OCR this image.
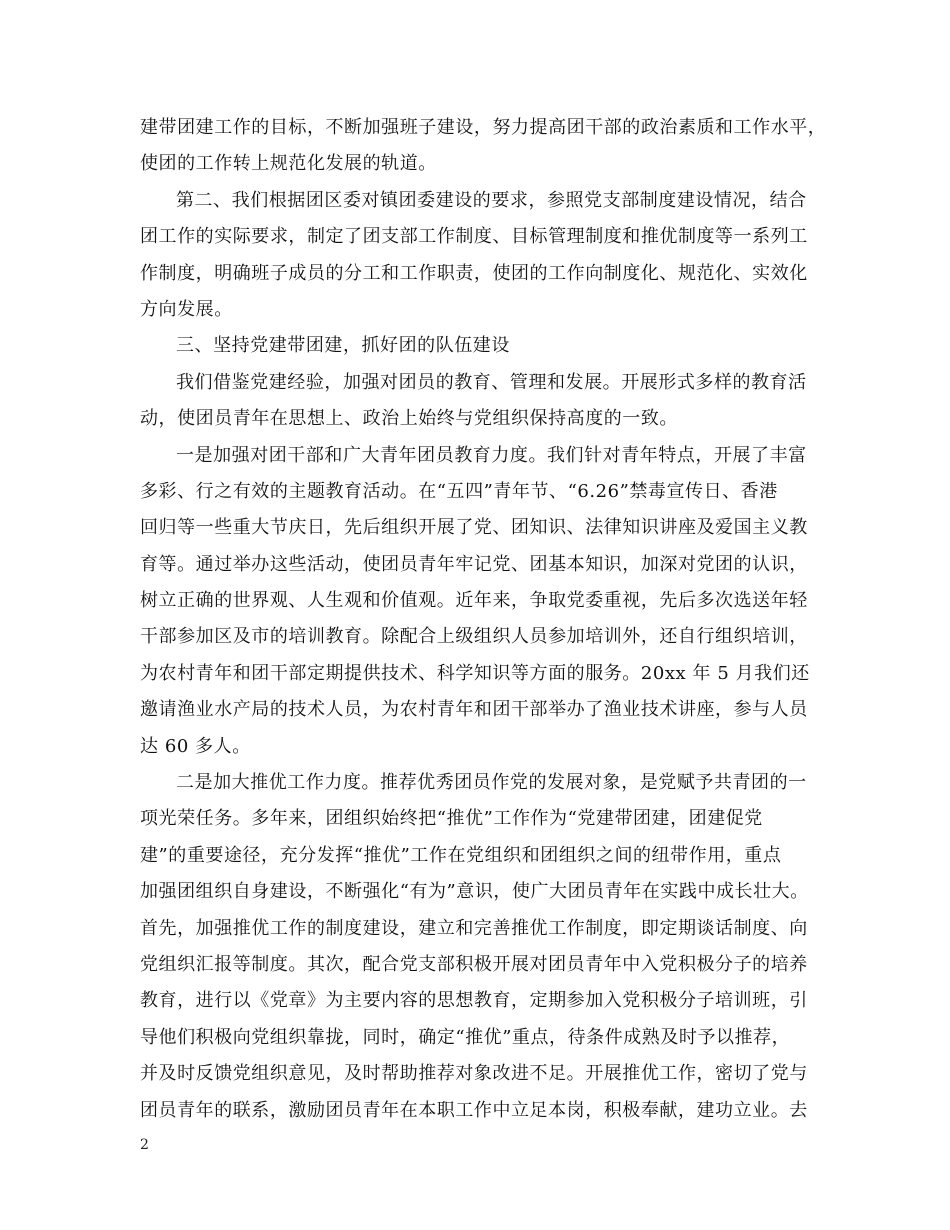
建带团建工作的目标，不断加强班子建设，努力提高团干部的政治素质和工作水平，
使团的工作转上规范化发展的轨道。
第二、我们根据团区委对镇团委建设的要求，参照党支部制度建设情况，结合
团工作的实际要求，制定了团支部工作制度、目标管理制度和推优制度等一系列工
作制度，明确班子成员的分工和工作职责，使团的工作向制度化、规范化、实效化
方向发展。
三、坚持党建带团建，抓好团的队伍建设
我们借鉴党建经验，加强对团员的教育、管理和发展。开展形式多样的教育活
动，使团员青年在思想上、政治上始终与党组织保持高度的一致。
一是加强对团干部和广大青年团员教育力度。我们针对青年特点，开展了丰富
多彩、行之有效的主题教育活动。在“五四”青年节、“6.26”禁毒宣传日、香港
回归等一些重大节庆日，先后组织开展了党、团知识、法律知识讲座及爱国主义教
育等。通过举办这些活动，使团员青年牢记党、团基本知识，加深对党团的认识，
树立正确的世界观、人生观和价值观。近年来，争取党委重视，先后多次选送年轻
干部参加区及市的培训教育。除配合上级组织人员参加培训外，还自行组织培训，
为农村青年和团干部定期提供技术、科学知识等方面的服务。20xx 年 5 月我们还
邀请渔业水产局的技术人员，为农村青年和团干部举办了渔业技术讲座，参与人员
达 60 多人。
二是加大推优工作力度。推荐优秀团员作党的发展对象，是党赋予共青团的一
项光荣任务。多年来，团组织始终把“推优”工作作为“党建带团建，团建促党
建”的重要途径，充分发挥“推优”工作在党组织和团组织之间的纽带作用，重点
加强团组织自身建设，不断强化“有为”意识，使广大团员青年在实践中成长壮大。
首先，加强推优工作的制度建设，建立和完善推优工作制度，即定期谈话制度、向
党组织汇报等制度。其次，配合党支部积极开展对团员青年中入党积极分子的培养
教育，进行以《党章》为主要内容的思想教育，定期参加入党积极分子培训班，引
导他们积极向党组织靠拢，同时，确定“推优”重点，待条件成熟及时予以推荐，
并及时反馈党组织意见，及时帮助推荐对象改进不足。开展推优工作，密切了党与
团员青年的联系，激励团员青年在本职工作中立足本岗，积极奉献，建功立业。去
2
